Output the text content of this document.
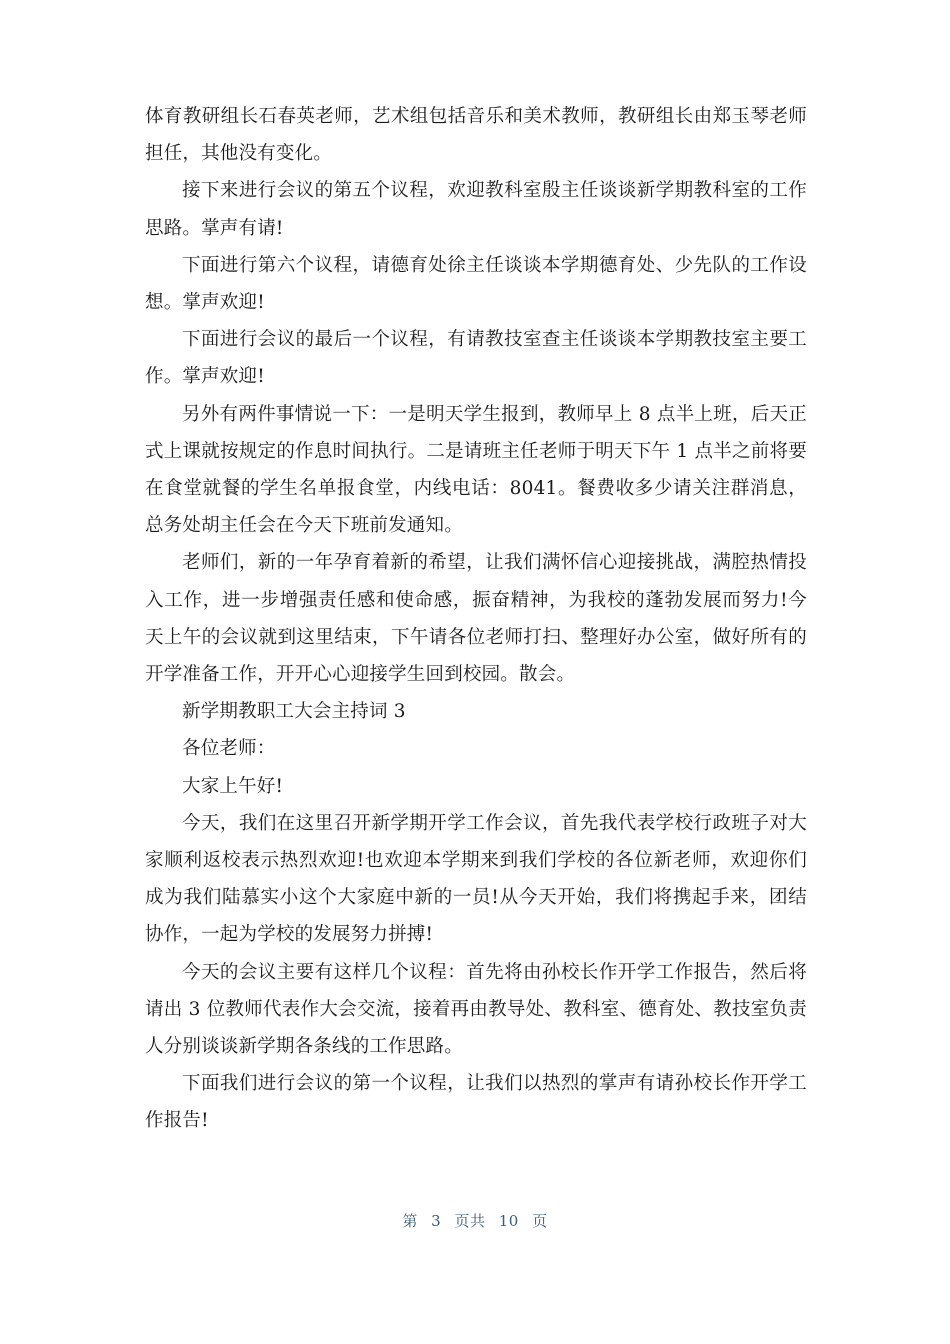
体育教研组长石春英老师，艺术组包括音乐和美术教师，教研组长由郑玉琴老师担任，其他没有变化。

接下来进行会议的第五个议程，欢迎教科室殷主任谈谈新学期教科室的工作思路。掌声有请!

下面进行第六个议程，请德育处徐主任谈谈本学期德育处、少先队的工作设想。掌声欢迎!

下面进行会议的最后一个议程，有请教技室查主任谈谈本学期教技室主要工作。掌声欢迎!

另外有两件事情说一下：一是明天学生报到，教师早上 8 点半上班，后天正式上课就按规定的作息时间执行。二是请班主任老师于明天下午 1 点半之前将要在食堂就餐的学生名单报食堂，内线电话：8041。餐费收多少请关注群消息，总务处胡主任会在今天下班前发通知。

老师们，新的一年孕育着新的希望，让我们满怀信心迎接挑战，满腔热情投入工作，进一步增强责任感和使命感，振奋精神，为我校的蓬勃发展而努力!今天上午的会议就到这里结束，下午请各位老师打扫、整理好办公室，做好所有的开学准备工作，开开心心迎接学生回到校园。散会。

新学期教职工大会主持词 3

各位老师：

大家上午好!

今天，我们在这里召开新学期开学工作会议，首先我代表学校行政班子对大家顺利返校表示热烈欢迎!也欢迎本学期来到我们学校的各位新老师，欢迎你们成为我们陆慕实小这个大家庭中新的一员!从今天开始，我们将携起手来，团结协作，一起为学校的发展努力拼搏!

今天的会议主要有这样几个议程：首先将由孙校长作开学工作报告，然后将请出 3 位教师代表作大会交流，接着再由教导处、教科室、德育处、教技室负责人分别谈谈新学期各条线的工作思路。

下面我们进行会议的第一个议程，让我们以热烈的掌声有请孙校长作开学工作报告!

第 3 页共 10 页
